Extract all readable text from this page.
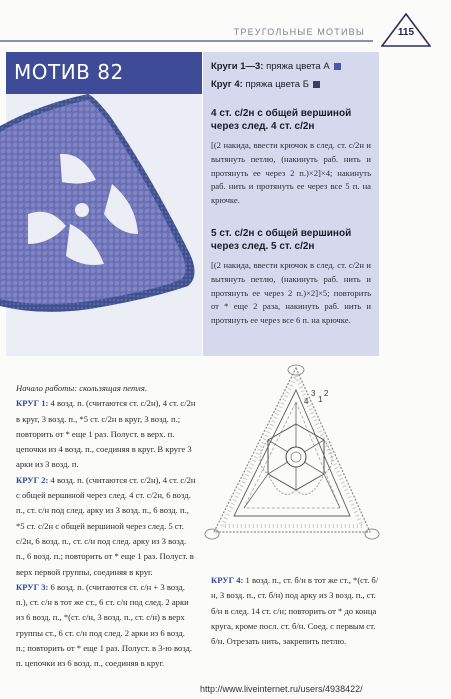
ТРЕУГОЛЬНЫЕ МОТИВЫ	115
МОТИВ 82	Круги 1—3: пряжа цвета А
Круг 4: пряжа цвета Б
4 ст. с/2н с общей вершиной
через след. 4 ст. с/2н
[(2 накида, ввести крючок в след. ст. с/2н и вытянуть петлю, (накинуть раб. нить и протянуть ее через 2 п.)×2]×4; накинуть раб. нить и протянуть ее через все 5 п. на крючке.
5 ст. с/2н с общей вершиной
через след. 5 ст. с/2н
[(2 накида, ввести крючок в след. ст. с/2н и вытянуть петлю, (накинуть раб. нить и протянуть ее через 2 п.)×2]×5; повторить от * еще 2 раза, накинуть раб. нить и протянуть ее через все 6 п. на крючке.
Начало работы: скользящая петля.
КРУГ 1: 4 возд. п. (считаются ст. с/2н), 4 ст. с/2н в круг, 3 возд. п., *5 ст. с/2н в круг, 3 возд. п.; повторить от * еще 1 раз. Полуст. в верх. п. цепочки из 4 возд. п., соединяя в круг. В круге 3 арки из 3 возд. п.
КРУГ 2: 4 возд. п. (считаются ст. с/2н), 4 ст. с/2н с общей вершиной через след. 4 ст. с/2н, 6 возд. п., ст. с/н под след. арку из 3 возд. п., 6 возд. п., *5 ст. с/2н с общей вершиной через след. 5 ст. с/2н, 6 возд. п., ст. с/н под след. арку из 3 возд. п., 6 возд. п.; повторить от * еще 1 раз. Полуст. в верх первой группы, соединяя в круг.
КРУГ 3: 6 возд. п. (считаются ст. с/н + 3 возд. п.), ст. с/н в тот же ст., 6 ст. с/н под след. 2 арки из 6 возд. п., *(ст. с/н, 3 возд. п., ст. с/н) в верх группы ст., 6 ст. с/н под след. 2 арки из 6 возд. п.; повторить от * еще 1 раз. Полуст. в 3-ю возд. п. цепочки из 6 возд. п., соединяя в круг.
1
2
3
4
КРУГ 4: 1 возд. п., ст. б/н в тот же ст., *(ст. б/н, 3 возд. п., ст. б/н) под арку из 3 возд. п., ст. б/н в след. 14 ст. с/н; повторить от * до конца круга, кроме посл. ст. б/н. Соед. с первым ст. б/н. Отрезать нить, закрепить петлю.
http://www.liveinternet.ru/users/4938422/
